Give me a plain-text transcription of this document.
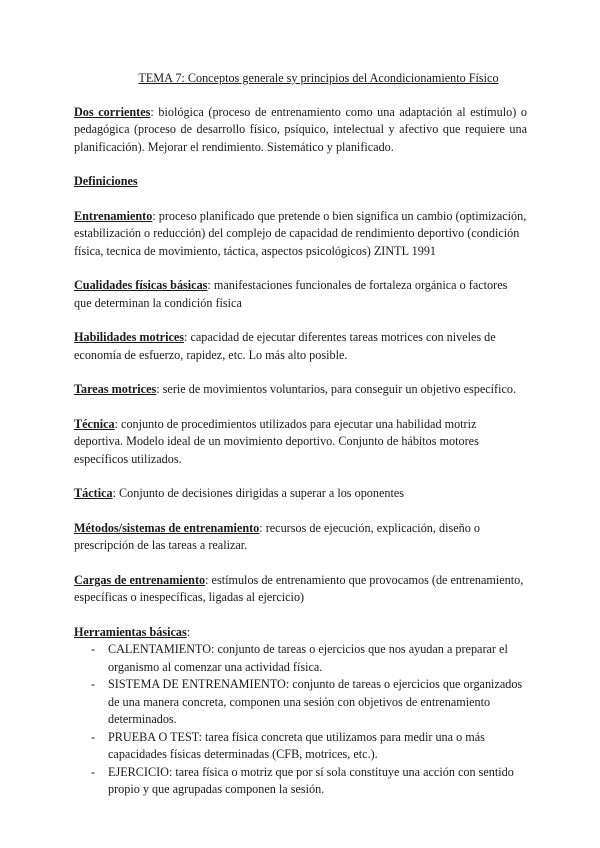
TEMA 7: Conceptos generale sy principios del Acondicionamiento Físico

Dos corrientes: biológica (proceso de entrenamiento como una adaptación al estímulo) o pedagógica (proceso de desarrollo físico, psíquico, intelectual y afectivo que requiere una planificación). Mejorar el rendimiento. Sistemático y planificado.

Definiciones

Entrenamiento: proceso planificado que pretende o bien significa un cambio (optimización, estabilización o reducción) del complejo de capacidad de rendimiento deportivo (condición física, tecnica de movimiento, táctica, aspectos psicológicos) ZINTL 1991

Cualidades físicas básicas: manifestaciones funcionales de fortaleza orgánica o factores que determinan la condición física

Habilidades motrices: capacidad de ejecutar diferentes tareas motrices con niveles de economía de esfuerzo, rapidez, etc. Lo más alto posible.

Tareas motrices: serie de movimientos voluntarios, para conseguir un objetivo específico.

Técnica: conjunto de procedimientos utilizados para ejecutar una habilidad motriz deportiva. Modelo ideal de un movimiento deportivo. Conjunto de hábitos motores específicos utilizados.

Táctica: Conjunto de decisiones dirigidas a superar a los oponentes

Métodos/sistemas de entrenamiento: recursos de ejecución, explicación, diseño o prescripción de las tareas a realizar.

Cargas de entrenamiento: estímulos de entrenamiento que provocamos (de entrenamiento, específicas o inespecíficas, ligadas al ejercicio)

Herramientas básicas:
- CALENTAMIENTO: conjunto de tareas o ejercicios que nos ayudan a preparar el organismo al comenzar una actividad física.
- SISTEMA DE ENTRENAMIENTO: conjunto de tareas o ejercicios que organizados de una manera concreta, componen una sesión con objetivos de entrenamiento determinados.
- PRUEBA O TEST: tarea física concreta que utilizamos para medir una o más capacidades físicas determinadas (CFB, motrices, etc.).
- EJERCICIO: tarea física o motriz que por sí sola constituye una acción con sentido propio y que agrupadas componen la sesión.
